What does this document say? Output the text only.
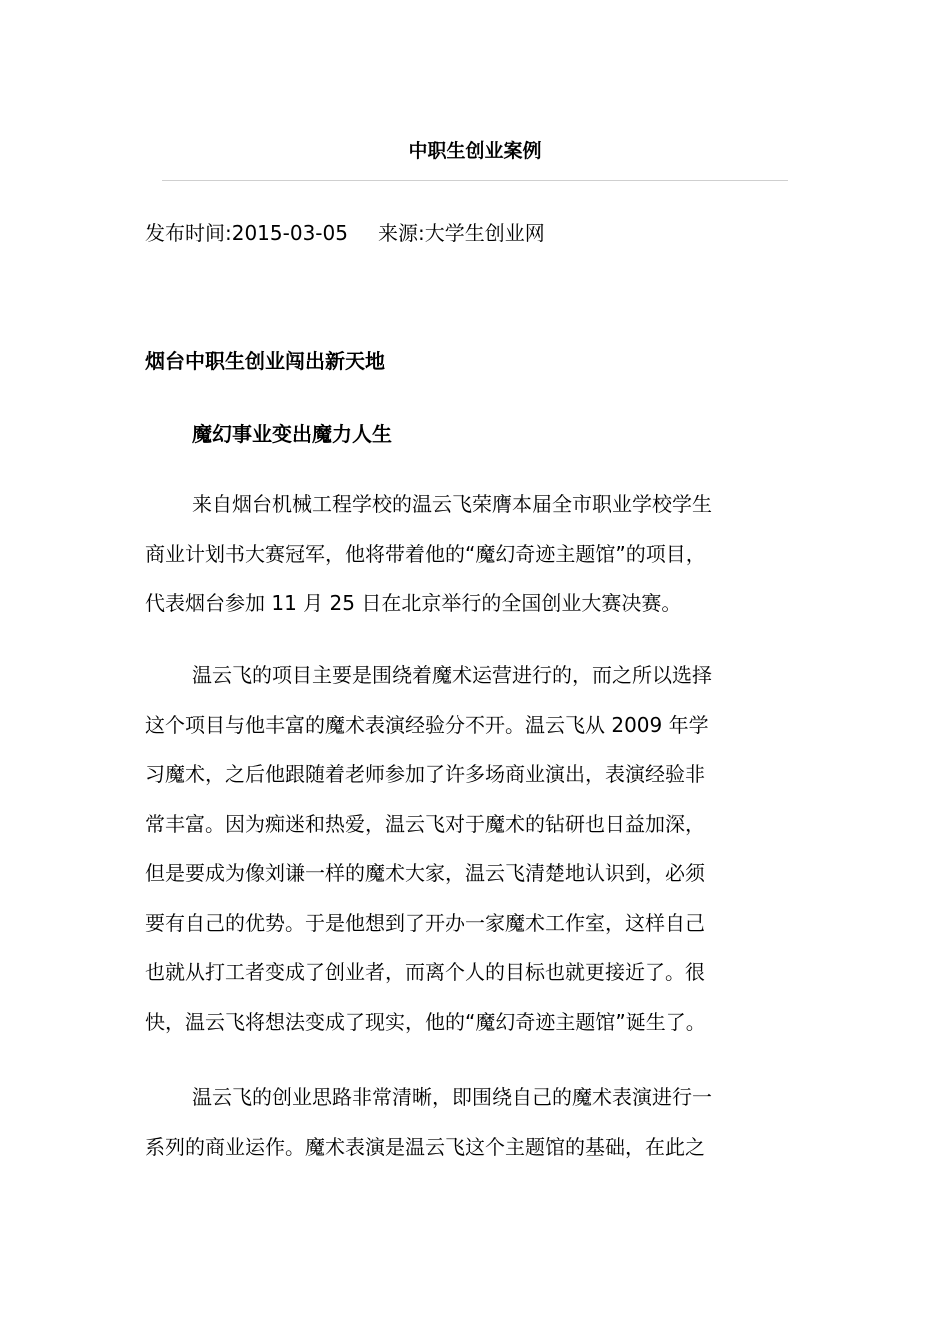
中职生创业案例
发布时间:2015-03-05 来源:大学生创业网
烟台中职生创业闯出新天地
魔幻事业变出魔力人生
来自烟台机械工程学校的温云飞荣膺本届全市职业学校学生
商业计划书大赛冠军，他将带着他的“魔幻奇迹主题馆”的项目，
代表烟台参加 11 月 25 日在北京举行的全国创业大赛决赛。
温云飞的项目主要是围绕着魔术运营进行的，而之所以选择
这个项目与他丰富的魔术表演经验分不开。温云飞从 2009 年学
习魔术，之后他跟随着老师参加了许多场商业演出，表演经验非
常丰富。因为痴迷和热爱，温云飞对于魔术的钻研也日益加深，
但是要成为像刘谦一样的魔术大家，温云飞清楚地认识到，必须
要有自己的优势。于是他想到了开办一家魔术工作室，这样自己
也就从打工者变成了创业者，而离个人的目标也就更接近了。很
快，温云飞将想法变成了现实，他的“魔幻奇迹主题馆”诞生了。
温云飞的创业思路非常清晰，即围绕自己的魔术表演进行一
系列的商业运作。魔术表演是温云飞这个主题馆的基础，在此之
